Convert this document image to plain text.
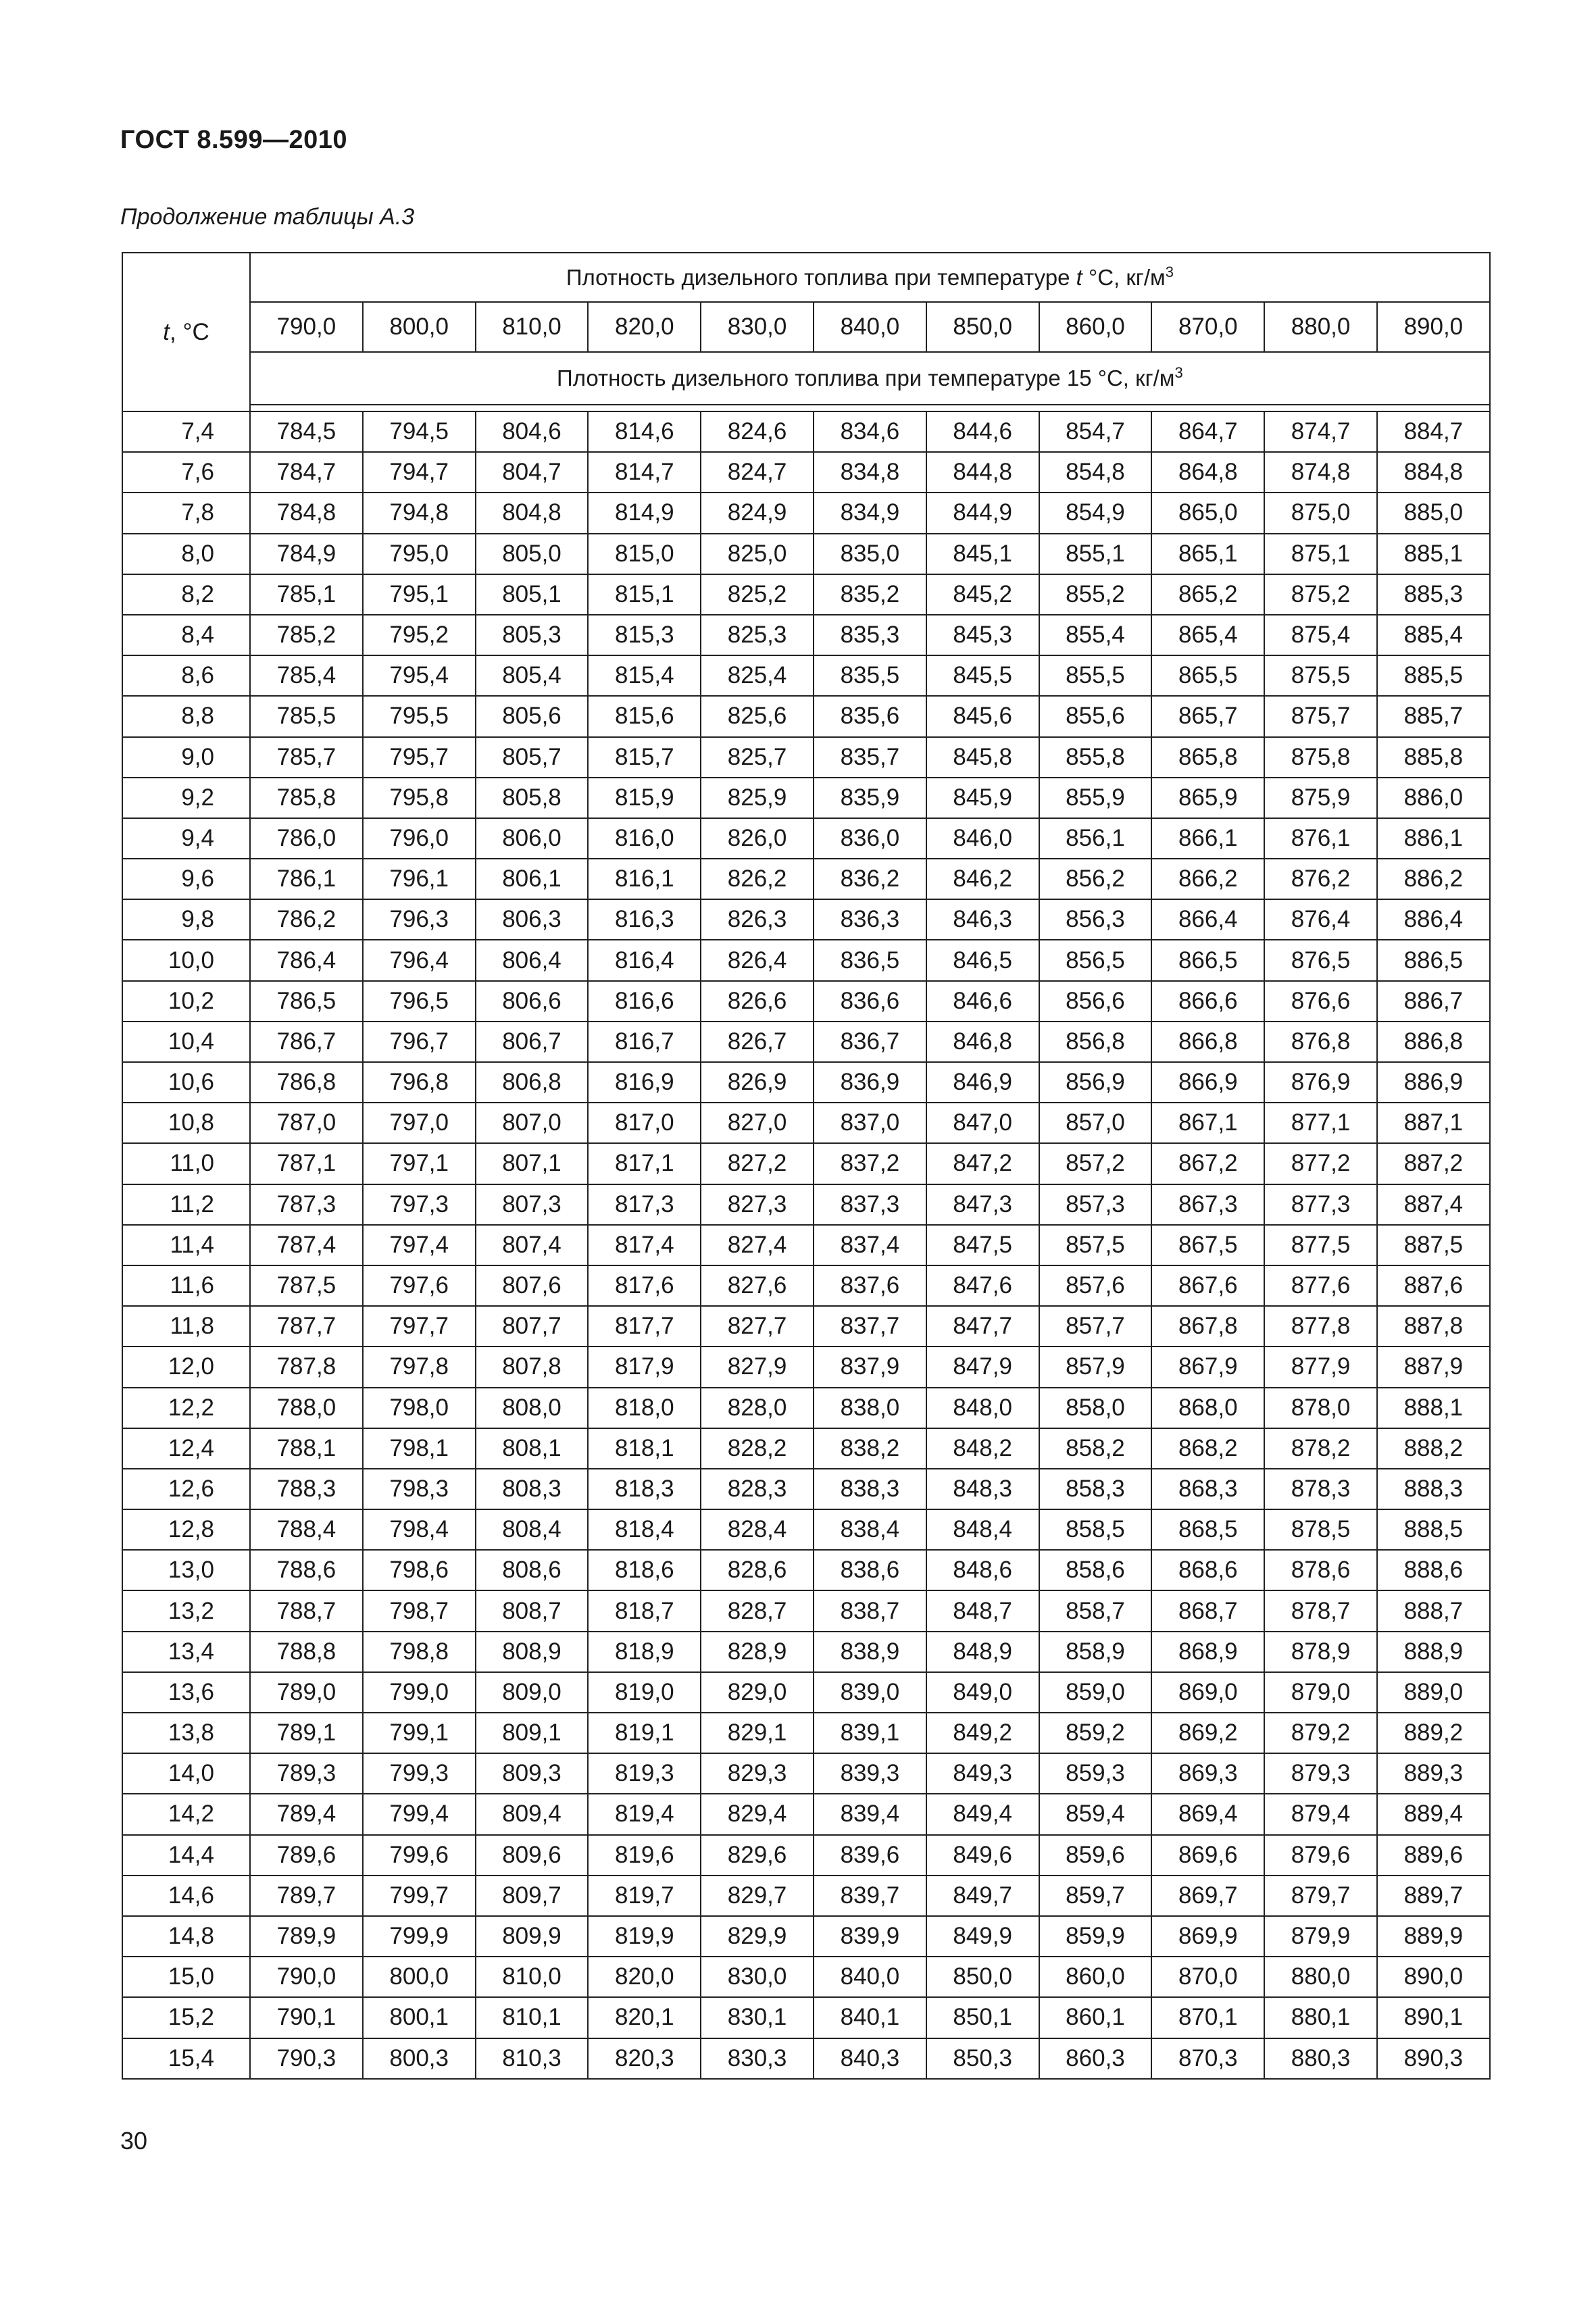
ГОСТ 8.599—2010
Продолжение таблицы А.3
t, °С	Плотность дизельного топлива при температуре t °С, $кг/м^3$
	790,0	800,0	810,0	820,0	830,0	840,0	850,0	860,0	870,0	880,0	890,0
	Плотность дизельного топлива при температуре 15 °С, $кг/м^3$

7,4	784,5	794,5	804,6	814,6	824,6	834,6	844,6	854,7	864,7	874,7	884,7
7,6	784,7	794,7	804,7	814,7	824,7	834,8	844,8	854,8	864,8	874,8	884,8
7,8	784,8	794,8	804,8	814,9	824,9	834,9	844,9	854,9	865,0	875,0	885,0
8,0	784,9	795,0	805,0	815,0	825,0	835,0	845,1	855,1	865,1	875,1	885,1
8,2	785,1	795,1	805,1	815,1	825,2	835,2	845,2	855,2	865,2	875,2	885,3
8,4	785,2	795,2	805,3	815,3	825,3	835,3	845,3	855,4	865,4	875,4	885,4
8,6	785,4	795,4	805,4	815,4	825,4	835,5	845,5	855,5	865,5	875,5	885,5
8,8	785,5	795,5	805,6	815,6	825,6	835,6	845,6	855,6	865,7	875,7	885,7
9,0	785,7	795,7	805,7	815,7	825,7	835,7	845,8	855,8	865,8	875,8	885,8
9,2	785,8	795,8	805,8	815,9	825,9	835,9	845,9	855,9	865,9	875,9	886,0
9,4	786,0	796,0	806,0	816,0	826,0	836,0	846,0	856,1	866,1	876,1	886,1
9,6	786,1	796,1	806,1	816,1	826,2	836,2	846,2	856,2	866,2	876,2	886,2
9,8	786,2	796,3	806,3	816,3	826,3	836,3	846,3	856,3	866,4	876,4	886,4
10,0	786,4	796,4	806,4	816,4	826,4	836,5	846,5	856,5	866,5	876,5	886,5
10,2	786,5	796,5	806,6	816,6	826,6	836,6	846,6	856,6	866,6	876,6	886,7
10,4	786,7	796,7	806,7	816,7	826,7	836,7	846,8	856,8	866,8	876,8	886,8
10,6	786,8	796,8	806,8	816,9	826,9	836,9	846,9	856,9	866,9	876,9	886,9
10,8	787,0	797,0	807,0	817,0	827,0	837,0	847,0	857,0	867,1	877,1	887,1
11,0	787,1	797,1	807,1	817,1	827,2	837,2	847,2	857,2	867,2	877,2	887,2
11,2	787,3	797,3	807,3	817,3	827,3	837,3	847,3	857,3	867,3	877,3	887,4
11,4	787,4	797,4	807,4	817,4	827,4	837,4	847,5	857,5	867,5	877,5	887,5
11,6	787,5	797,6	807,6	817,6	827,6	837,6	847,6	857,6	867,6	877,6	887,6
11,8	787,7	797,7	807,7	817,7	827,7	837,7	847,7	857,7	867,8	877,8	887,8
12,0	787,8	797,8	807,8	817,9	827,9	837,9	847,9	857,9	867,9	877,9	887,9
12,2	788,0	798,0	808,0	818,0	828,0	838,0	848,0	858,0	868,0	878,0	888,1
12,4	788,1	798,1	808,1	818,1	828,2	838,2	848,2	858,2	868,2	878,2	888,2
12,6	788,3	798,3	808,3	818,3	828,3	838,3	848,3	858,3	868,3	878,3	888,3
12,8	788,4	798,4	808,4	818,4	828,4	838,4	848,4	858,5	868,5	878,5	888,5
13,0	788,6	798,6	808,6	818,6	828,6	838,6	848,6	858,6	868,6	878,6	888,6
13,2	788,7	798,7	808,7	818,7	828,7	838,7	848,7	858,7	868,7	878,7	888,7
13,4	788,8	798,8	808,9	818,9	828,9	838,9	848,9	858,9	868,9	878,9	888,9
13,6	789,0	799,0	809,0	819,0	829,0	839,0	849,0	859,0	869,0	879,0	889,0
13,8	789,1	799,1	809,1	819,1	829,1	839,1	849,2	859,2	869,2	879,2	889,2
14,0	789,3	799,3	809,3	819,3	829,3	839,3	849,3	859,3	869,3	879,3	889,3
14,2	789,4	799,4	809,4	819,4	829,4	839,4	849,4	859,4	869,4	879,4	889,4
14,4	789,6	799,6	809,6	819,6	829,6	839,6	849,6	859,6	869,6	879,6	889,6
14,6	789,7	799,7	809,7	819,7	829,7	839,7	849,7	859,7	869,7	879,7	889,7
14,8	789,9	799,9	809,9	819,9	829,9	839,9	849,9	859,9	869,9	879,9	889,9
15,0	790,0	800,0	810,0	820,0	830,0	840,0	850,0	860,0	870,0	880,0	890,0
15,2	790,1	800,1	810,1	820,1	830,1	840,1	850,1	860,1	870,1	880,1	890,1
15,4	790,3	800,3	810,3	820,3	830,3	840,3	850,3	860,3	870,3	880,3	890,3
30
